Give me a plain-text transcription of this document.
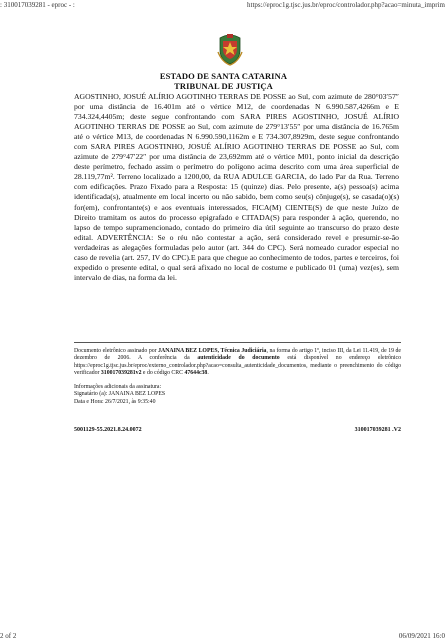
: 310017039281 - eproc - :	https://eproc1g.tjsc.jus.br/eproc/controlador.php?acao=minuta_imprim
ESTADO DE SANTA CATARINA
TRIBUNAL DE JUSTIÇA

AGOSTINHO, JOSUÉ ALÍRIO AGOTINHO TERRAS DE POSSE ao Sul, com azimute de 280°03′57″ por uma distância de 16.401m até o vértice M12, de coordenadas N 6.990.587,4266m e E 734.324,4405m; deste segue confrontando com SARA PIRES AGOSTINHO, JOSUÉ ALÍRIO AGOTINHO TERRAS DE POSSE ao Sul, com azimute de 279°13′55″ por uma distância de 16.765m até o vértice M13, de coordenadas N 6.990.590,1162m e E 734.307,8929m, deste segue confrontando com SARA PIRES AGOSTINHO, JOSUÉ ALÍRIO AGOTINHO TERRAS DE POSSE ao Sul, com azimute de 279°47′22″ por uma distância de 23,692mm até o vértice M01, ponto inicial da descrição deste perímetro, fechado assim o perímetro do polígono acima descrito com uma área superficial de 28.119,77m². Terreno localizado a 1200,00, da RUA ADULCE GARCIA, do lado Par da Rua. Terreno com edificações. Prazo Fixado para a Resposta: 15 (quinze) dias. Pelo presente, a(s) pessoa(s) acima identificada(s), atualmente em local incerto ou não sabido, bem como seu(s) cônjuge(s), se casada(o)(s) for(em), confrontante(s) e aos eventuais interessados, FICA(M) CIENTE(S) de que neste Juízo de Direito tramitam os autos do processo epigrafado e CITADA(S) para responder à ação, querendo, no lapso de tempo supramencionado, contado do primeiro dia útil seguinte ao transcurso do prazo deste edital. ADVERTÊNCIA: Se o réu não contestar a ação, será considerado revel e presumir-se-ão verdadeiras as alegações formuladas pelo autor (art. 344 do CPC). Será nomeado curador especial no caso de revelia (art. 257, IV do CPC).E para que chegue ao conhecimento de todos, partes e terceiros, foi expedido o presente edital, o qual será afixado no local de costume e publicado 01 (uma) vez(es), sem intervalo de dias, na forma da lei.

Documento eletrônico assinado por JANAINA BEZ LOPES, Técnica Judiciária, na forma do artigo 1º, inciso III, da Lei 11.419, de 19 de dezembro de 2006. A conferência da autenticidade do documento está disponível no endereço eletrônico https://eproc1g.tjsc.jus.br/eproc/externo_controlador.php?acao=consulta_autenticidade_documentos, mediante o preenchimento do código verificador 310017039281v2 e do código CRC 47644c38.
Informações adicionais da assinatura:
Signatário (a): JANAINA BEZ LOPES
Data e Hora: 26/7/2021, às 9:35:40
5001129-55.2021.8.24.0072	310017039281 .V2
2 of 2	06/09/2021 16:0
